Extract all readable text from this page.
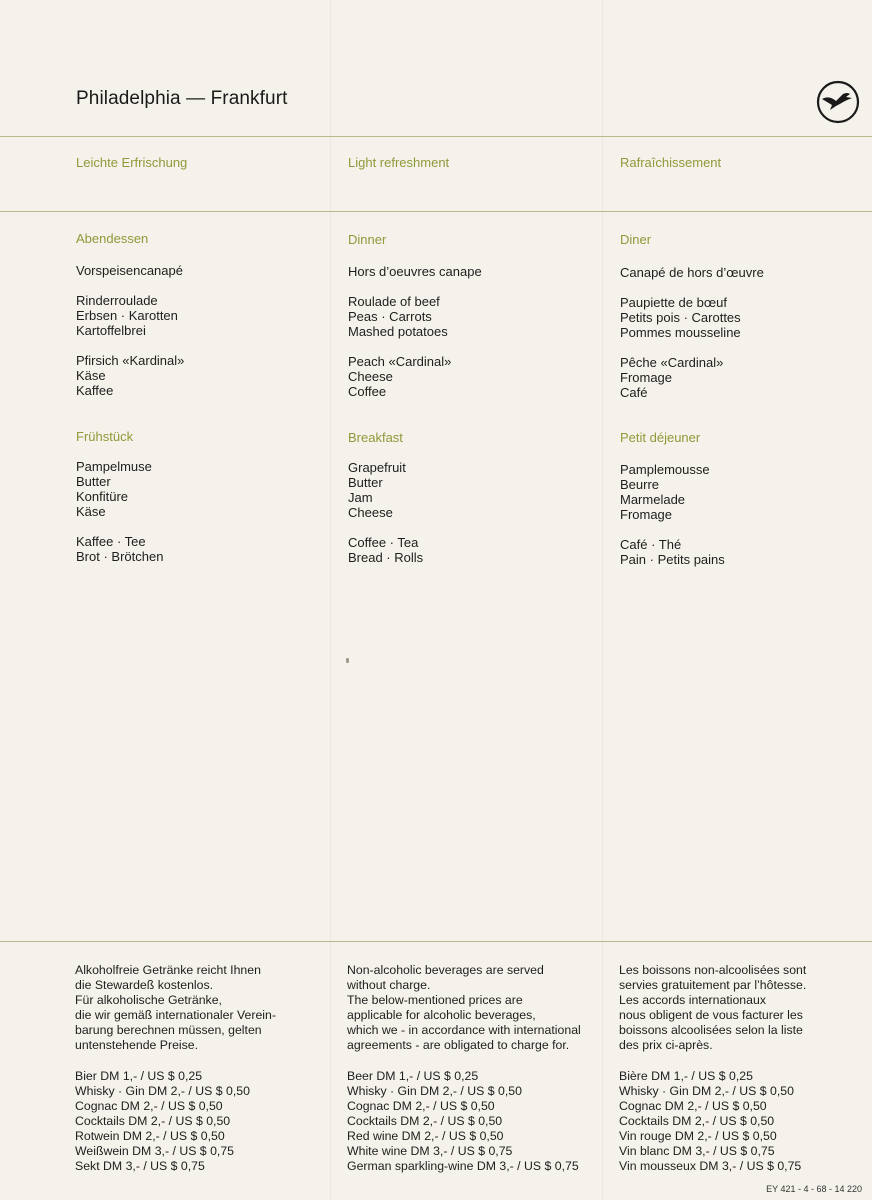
Philadelphia — Frankfurt
Leichte Erfrischung	Light refreshment	Rafraîchissement
Abendessen
Vorspeisencanapé
Rinderroulade
Erbsen · Karotten
Kartoffelbrei
Pfirsich «Kardinal»
Käse
Kaffee
Frühstück
Pampelmuse
Butter
Konfitüre
Käse
Kaffee · Tee
Brot · Brötchen
Dinner
Hors d’oeuvres canape
Roulade of beef
Peas · Carrots
Mashed potatoes
Peach «Cardinal»
Cheese
Coffee
Breakfast
Grapefruit
Butter
Jam
Cheese
Coffee · Tea
Bread · Rolls
Diner
Canapé de hors d’œuvre
Paupiette de bœuf
Petits pois · Carottes
Pommes mousseline
Pêche «Cardinal»
Fromage
Café
Petit déjeuner
Pamplemousse
Beurre
Marmelade
Fromage
Café · Thé
Pain · Petits pains
Alkoholfreie Getränke reicht Ihnen
die Stewardeß kostenlos.
Für alkoholische Getränke,
die wir gemäß internationaler Verein-
barung berechnen müssen, gelten
untenstehende Preise.
Bier DM 1,- / US $ 0,25
Whisky · Gin DM 2,- / US $ 0,50
Cognac DM 2,- / US $ 0,50
Cocktails DM 2,- / US $ 0,50
Rotwein DM 2,- / US $ 0,50
Weißwein DM 3,- / US $ 0,75
Sekt DM 3,- / US $ 0,75
Non-alcoholic beverages are served
without charge.
The below-mentioned prices are
applicable for alcoholic beverages,
which we - in accordance with international
agreements - are obligated to charge for.
Beer DM 1,- / US $ 0,25
Whisky · Gin DM 2,- / US $ 0,50
Cognac DM 2,- / US $ 0,50
Cocktails DM 2,- / US $ 0,50
Red wine DM 2,- / US $ 0,50
White wine DM 3,- / US $ 0,75
German sparkling-wine DM 3,- / US $ 0,75
Les boissons non-alcoolisées sont
servies gratuitement par l’hôtesse.
Les accords internationaux
nous obligent de vous facturer les
boissons alcoolisées selon la liste
des prix ci-après.
Bière DM 1,- / US $ 0,25
Whisky · Gin DM 2,- / US $ 0,50
Cognac DM 2,- / US $ 0,50
Cocktails DM 2,- / US $ 0,50
Vin rouge DM 2,- / US $ 0,50
Vin blanc DM 3,- / US $ 0,75
Vin mousseux DM 3,- / US $ 0,75
EY 421 - 4 - 68 - 14 220
